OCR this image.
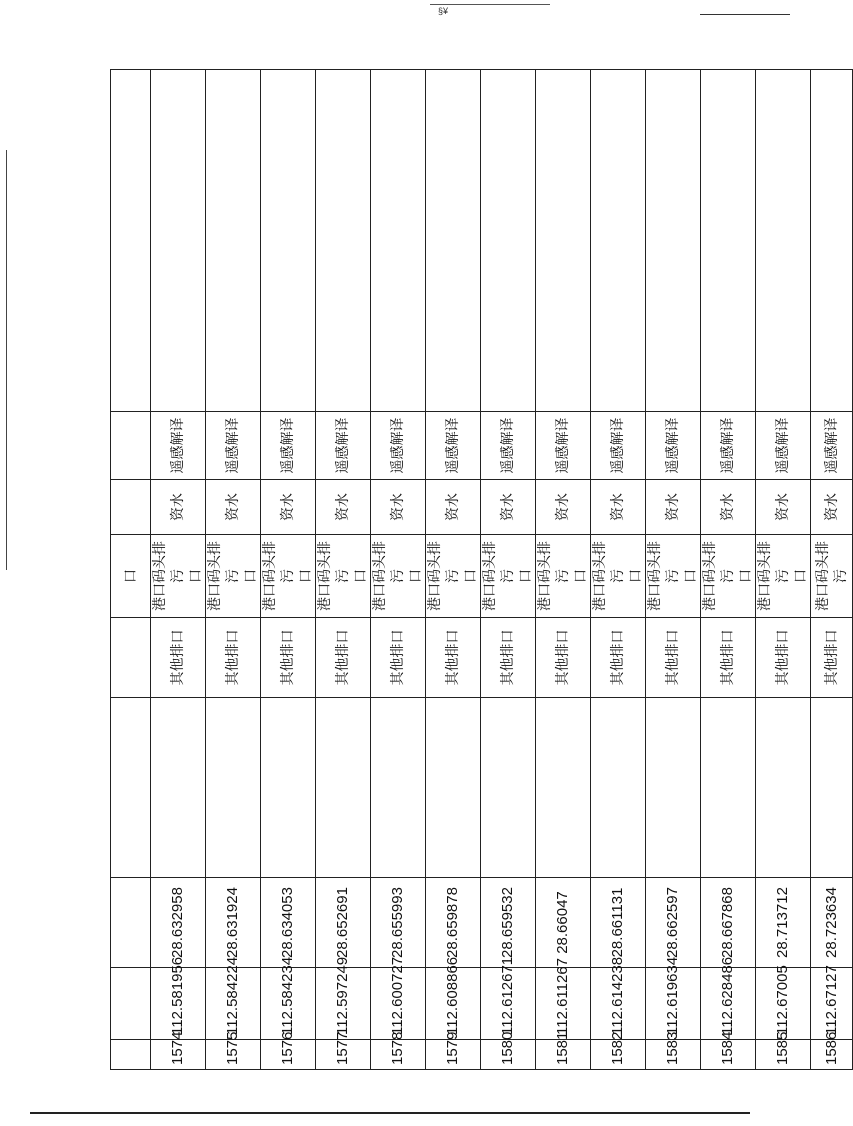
§¥
					口			
1574	112.581956	28.632958		其他排口	港口码头排污 口	资水	遥感解译	
1575	112.584224	28.631924		其他排口	港口码头排污 口	资水	遥感解译	
1576	112.584234	28.634053		其他排口	港口码头排污 口	资水	遥感解译	
1577	112.597249	28.652691		其他排口	港口码头排污 口	资水	遥感解译	
1578	112.600727	28.655993		其他排口	港口码头排污 口	资水	遥感解译	
1579	112.608866	28.659878		其他排口	港口码头排污 口	资水	遥感解译	
1580	112.612671	28.659532		其他排口	港口码头排污 口	资水	遥感解译	
1581	112.611267	28.66047		其他排口	港口码头排污 口	资水	遥感解译	
1582	112.614238	28.661131		其他排口	港口码头排污 口	资水	遥感解译	
1583	112.619634	28.662597		其他排口	港口码头排污 口	资水	遥感解译	
1584	112.628486	28.667868		其他排口	港口码头排污 口	资水	遥感解译	
1585	112.67005	28.713712		其他排口	港口码头排污 口	资水	遥感解译	
1586	112.67127	28.723634		其他排口	港口码头排污	资水	遥感解译	
